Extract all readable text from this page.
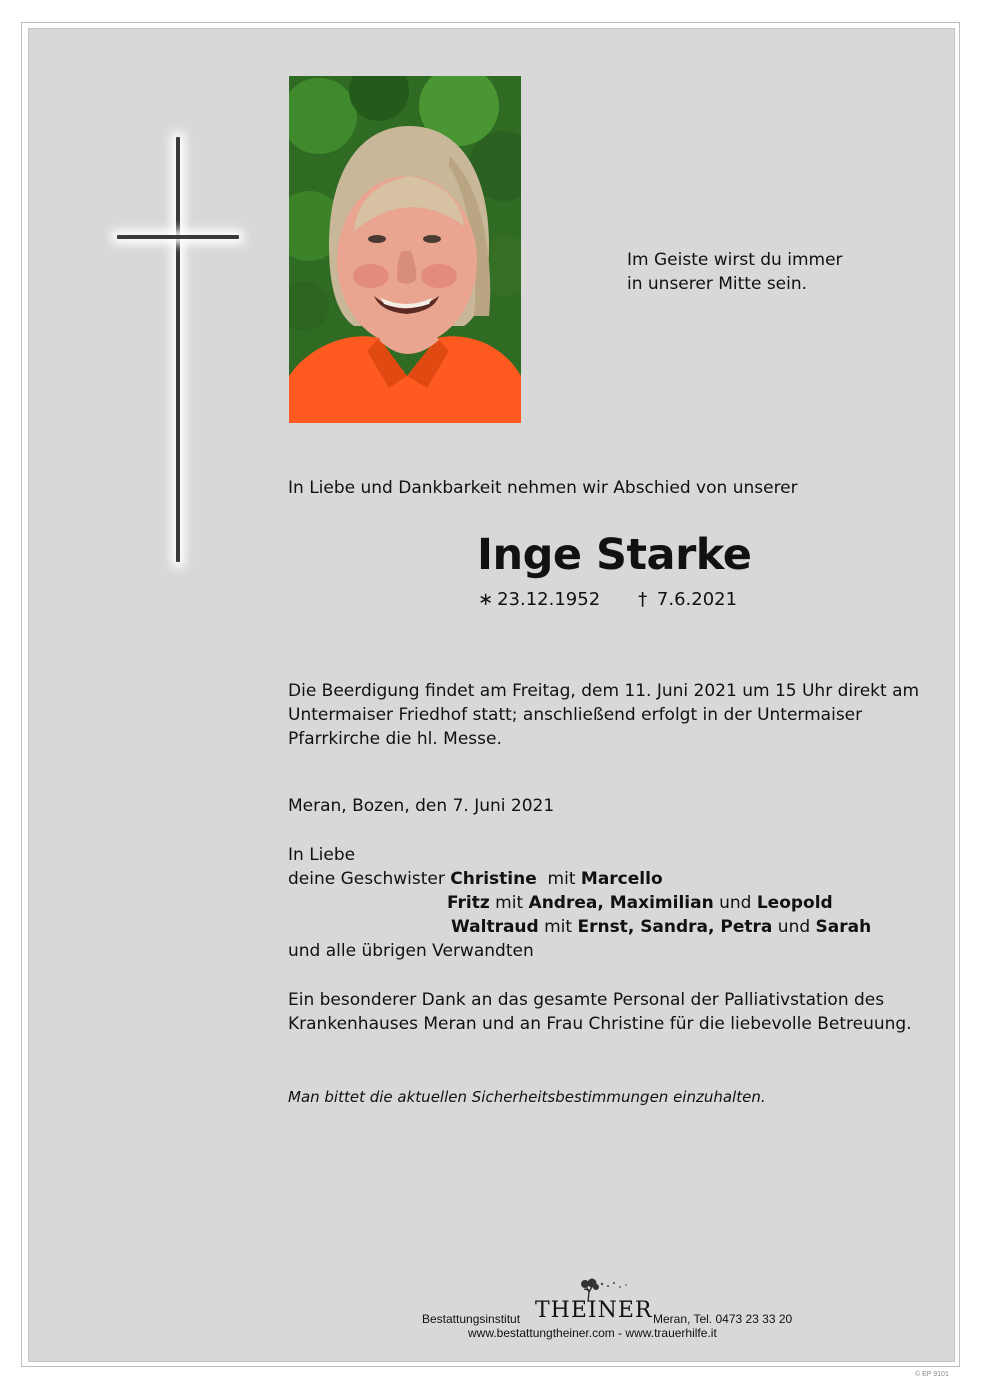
Im Geiste wirst du immer
in unserer Mitte sein.
In Liebe und Dankbarkeit nehmen wir Abschied von unserer
Inge Starke
∗ 23.12.1952 † 7.6.2021
Die Beerdigung findet am Freitag, dem 11. Juni 2021 um 15 Uhr direkt am
Untermaiser Friedhof statt; anschließend erfolgt in der Untermaiser
Pfarrkirche die hl. Messe.
Meran, Bozen, den 7. Juni 2021
In Liebe
deine Geschwister Christine  mit Marcello
Fritz mit Andrea, Maximilian und Leopold
Waltraud mit Ernst, Sandra, Petra und Sarah
und alle übrigen Verwandten
Ein besonderer Dank an das gesamte Personal der Palliativstation des
Krankenhauses Meran und an Frau Christine für die liebevolle Betreuung.
Man bittet die aktuellen Sicherheitsbestimmungen einzuhalten.
Bestattungsinstitut THEINER Meran, Tel. 0473 23 33 20
www.bestattungtheiner.com - www.trauerhilfe.it
© EP 9101
